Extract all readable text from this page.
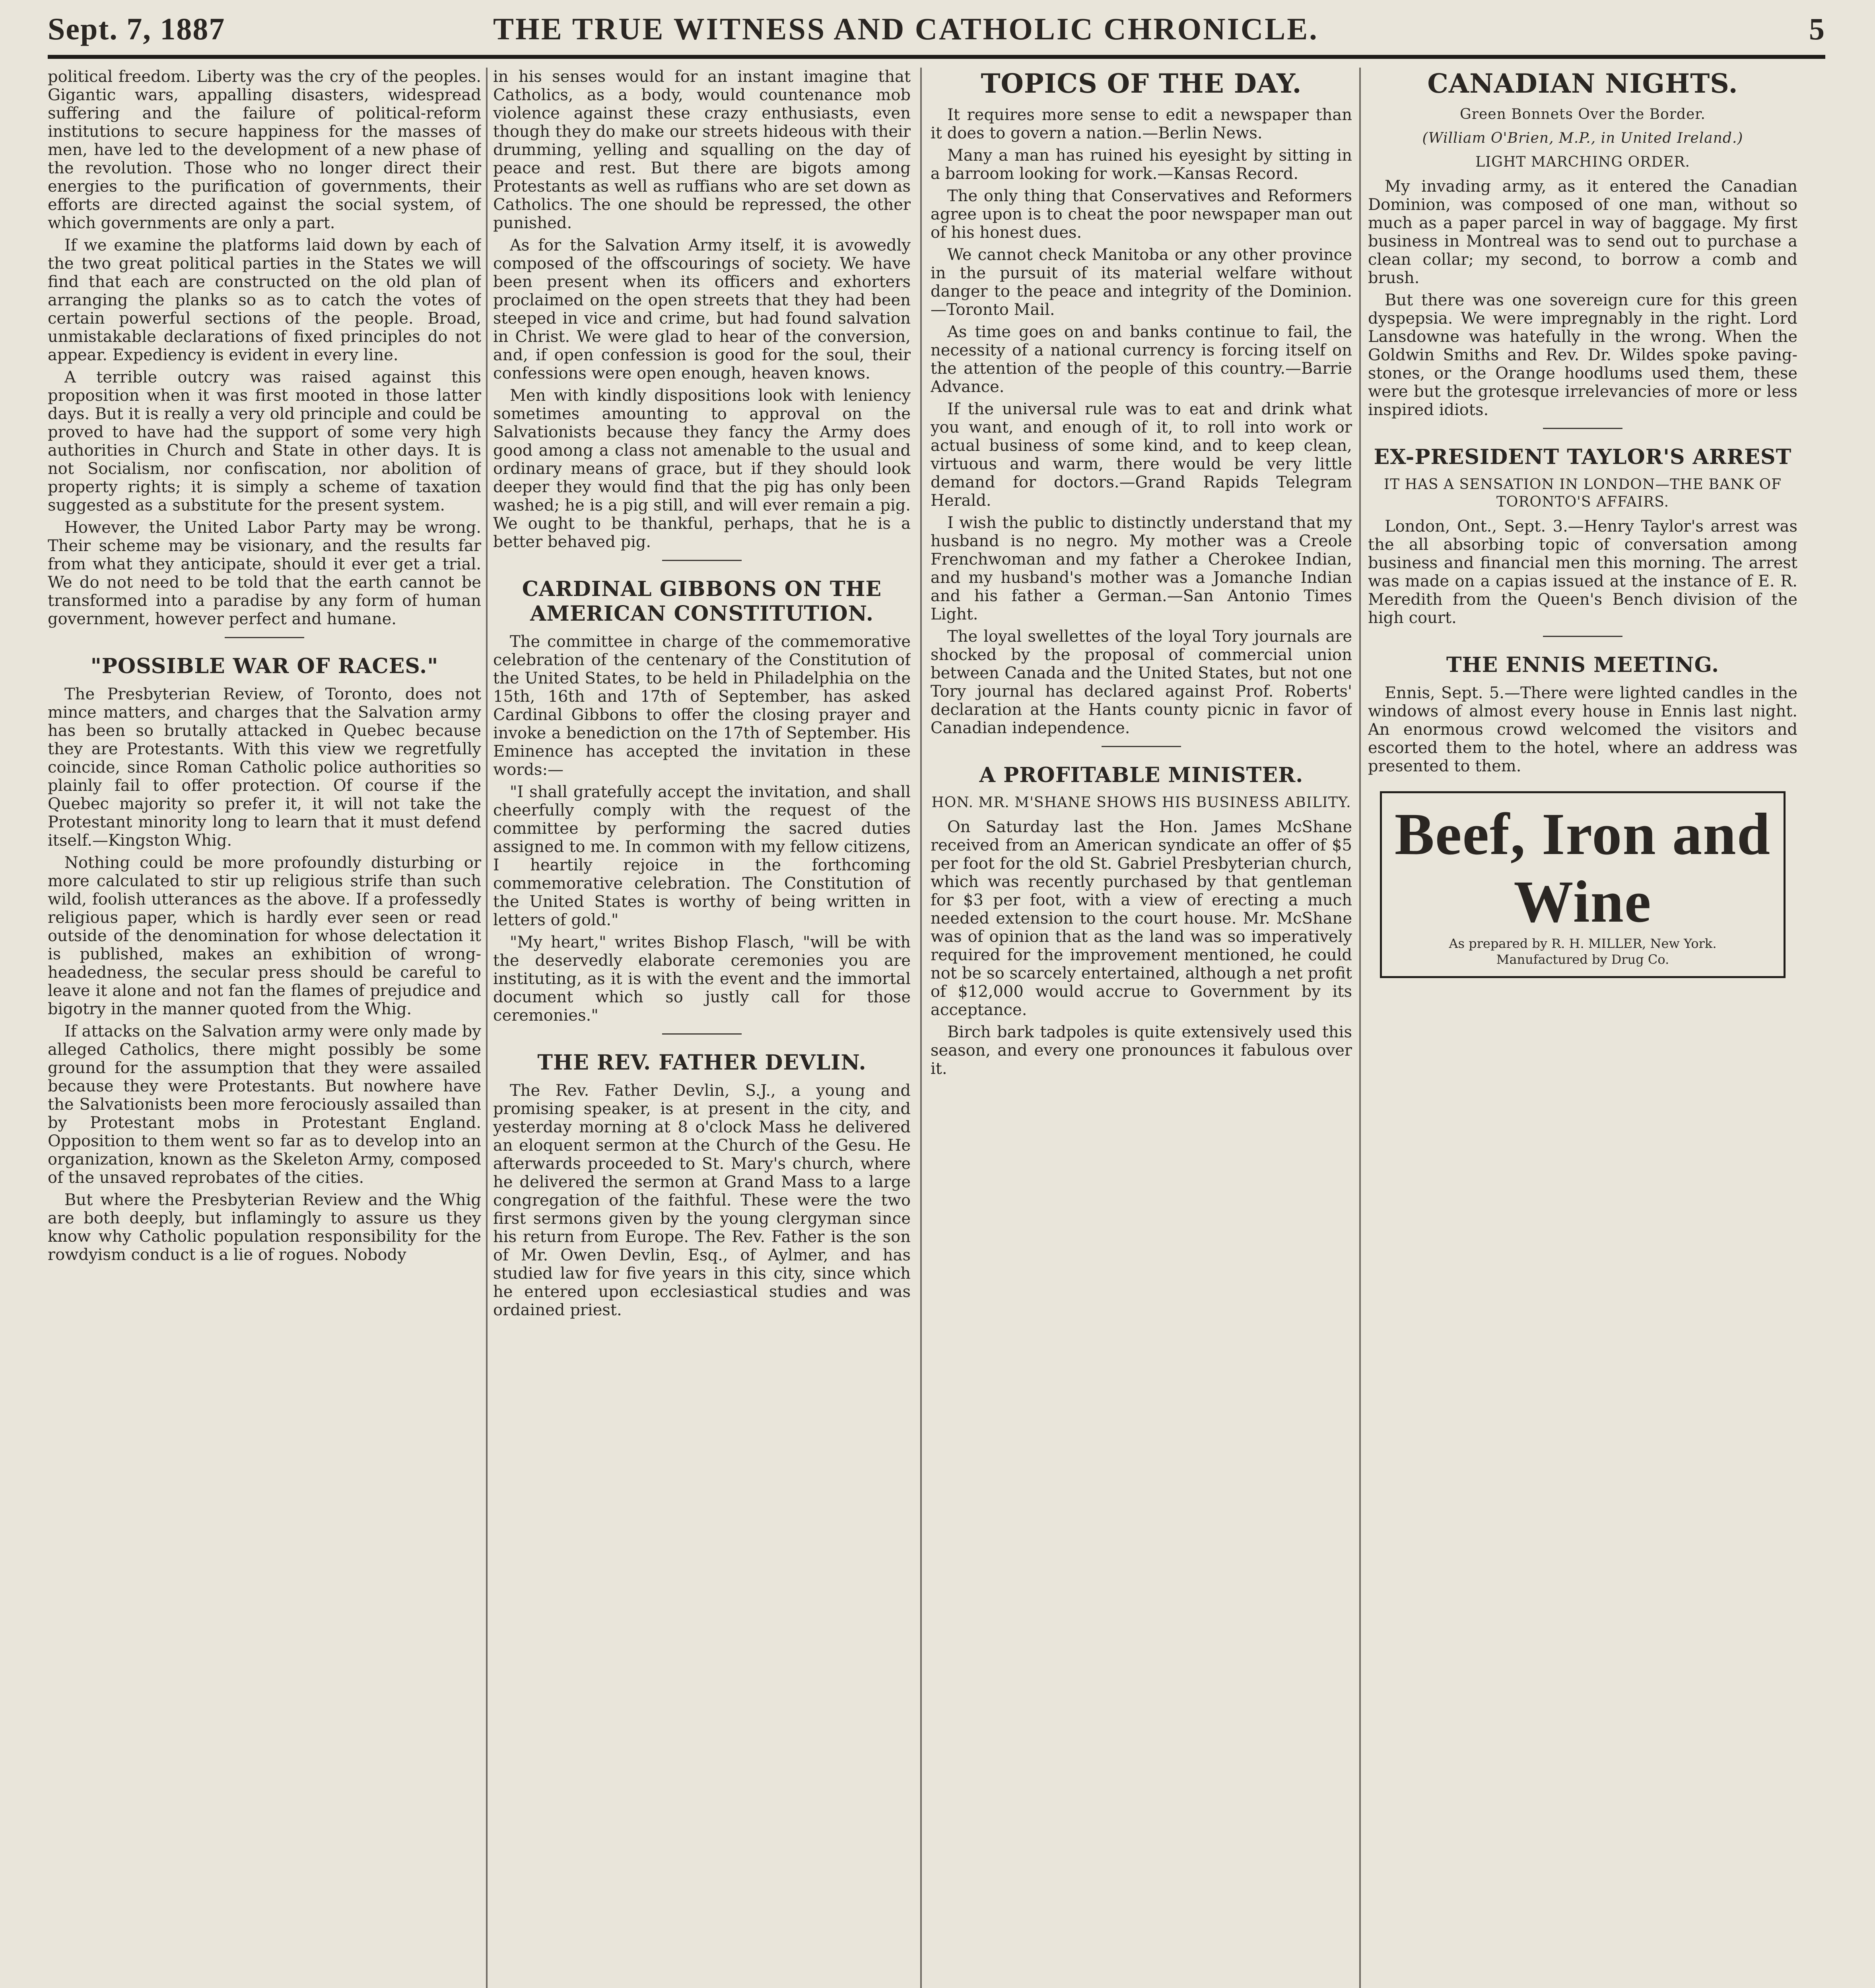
Sept. 7, 1887	THE TRUE WITNESS AND CATHOLIC CHRONICLE.	5

political freedom. Liberty was the cry of the peoples. Gigantic wars, appalling disasters, widespread suffering and the failure of political-reform institutions to secure happiness for the masses of men, have led to the development of a new phase of the revolution. Those who no longer direct their energies to the purification of governments, their efforts are directed against the social system, of which governments are only a part.

If we examine the platforms laid down by each of the two great political parties in the States we will find that each are constructed on the old plan of arranging the planks so as to catch the votes of certain powerful sections of the people. Broad, unmistakable declarations of fixed principles do not appear. Expediency is evident in every line.

A terrible outcry was raised against this proposition when it was first mooted in those latter days. But it is really a very old principle and could be proved to have had the support of some very high authorities in Church and State in other days. It is not Socialism, nor confiscation, nor abolition of property rights; it is simply a scheme of taxation suggested as a substitute for the present system.

However, the United Labor Party may be wrong. Their scheme may be visionary, and the results far from what they anticipate, should it ever get a trial. We do not need to be told that the earth cannot be transformed into a paradise by any form of human government, however perfect and humane.

"POSSIBLE WAR OF RACES."

The Presbyterian Review, of Toronto, does not mince matters, and charges that the Salvation army has been so brutally attacked in Quebec because they are Protestants. With this view we regretfully coincide, since Roman Catholic police authorities so plainly fail to offer protection. Of course if the Quebec majority so prefer it, it will not take the Protestant minority long to learn that it must defend itself.—Kingston Whig.

Nothing could be more profoundly disturbing or more calculated to stir up religious strife than such wild, foolish utterances as the above. If a professedly religious paper, which is hardly ever seen or read outside of the denomination for whose delectation it is published, makes an exhibition of wrong-headedness, the secular press should be careful to leave it alone and not fan the flames of prejudice and bigotry in the manner quoted from the Whig.

If attacks on the Salvation army were only made by alleged Catholics, there might possibly be some ground for the assumption that they were assailed because they were Protestants. But nowhere have the Salvationists been more ferociously assailed than by Protestant mobs in Protestant England. Opposition to them went so far as to develop into an organization, known as the Skeleton Army, composed of the unsaved reprobates of the cities.

But where the Presbyterian Review and the Whig are both deeply, but inflamingly to assure us they know why Catholic population responsibility for the rowdyism conduct is a lie of rogues. Nobody

in his senses would for an instant imagine that Catholics, as a body, would countenance mob violence against these crazy enthusiasts, even though they do make our streets hideous with their drumming, yelling and squalling on the day of peace and rest. But there are bigots among Protestants as well as ruffians who are set down as Catholics. The one should be repressed, the other punished.

As for the Salvation Army itself, it is avowedly composed of the offscourings of society. We have been present when its officers and exhorters proclaimed on the open streets that they had been steeped in vice and crime, but had found salvation in Christ. We were glad to hear of the conversion, and, if open confession is good for the soul, their confessions were open enough, heaven knows.

Men with kindly dispositions look with leniency sometimes amounting to approval on the Salvationists because they fancy the Army does good among a class not amenable to the usual and ordinary means of grace, but if they should look deeper they would find that the pig has only been washed; he is a pig still, and will ever remain a pig. We ought to be thankful, perhaps, that he is a better behaved pig.

CARDINAL GIBBONS ON THE AMERICAN CONSTITUTION.

The committee in charge of the commemorative celebration of the centenary of the Constitution of the United States, to be held in Philadelphia on the 15th, 16th and 17th of September, has asked Cardinal Gibbons to offer the closing prayer and invoke a benediction on the 17th of September. His Eminence has accepted the invitation in these words:—

"I shall gratefully accept the invitation, and shall cheerfully comply with the request of the committee by performing the sacred duties assigned to me. In common with my fellow citizens, I heartily rejoice in the forthcoming commemorative celebration. The Constitution of the United States is worthy of being written in letters of gold."

"My heart," writes Bishop Flasch, "will be with the deservedly elaborate ceremonies you are instituting, as it is with the event and the immortal document which so justly call for those ceremonies."

THE REV. FATHER DEVLIN.

The Rev. Father Devlin, S.J., a young and promising speaker, is at present in the city, and yesterday morning at 8 o'clock Mass he delivered an eloquent sermon at the Church of the Gesu. He afterwards proceeded to St. Mary's church, where he delivered the sermon at Grand Mass to a large congregation of the faithful. These were the two first sermons given by the young clergyman since his return from Europe. The Rev. Father is the son of Mr. Owen Devlin, Esq., of Aylmer, and has studied law for five years in this city, since which he entered upon ecclesiastical studies and was ordained priest.

TOPICS OF THE DAY.

It requires more sense to edit a newspaper than it does to govern a nation.—Berlin News.

Many a man has ruined his eyesight by sitting in a barroom looking for work.—Kansas Record.

The only thing that Conservatives and Reformers agree upon is to cheat the poor newspaper man out of his honest dues.

We cannot check Manitoba or any other province in the pursuit of its material welfare without danger to the peace and integrity of the Dominion.—Toronto Mail.

As time goes on and banks continue to fail, the necessity of a national currency is forcing itself on the attention of the people of this country.—Barrie Advance.

If the universal rule was to eat and drink what you want, and enough of it, to roll into work or actual business of some kind, and to keep clean, virtuous and warm, there would be very little demand for doctors.—Grand Rapids Telegram Herald.

I wish the public to distinctly understand that my husband is no negro. My mother was a Creole Frenchwoman and my father a Cherokee Indian, and my husband's mother was a Jomanche Indian and his father a German.—San Antonio Times Light.

The loyal swellettes of the loyal Tory journals are shocked by the proposal of commercial union between Canada and the United States, but not one Tory journal has declared against Prof. Roberts' declaration at the Hants county picnic in favor of Canadian independence.

A PROFITABLE MINISTER.
HON. MR. M'SHANE SHOWS HIS BUSINESS ABILITY.

On Saturday last the Hon. James McShane received from an American syndicate an offer of $5 per foot for the old St. Gabriel Presbyterian church, which was recently purchased by that gentleman for $3 per foot, with a view of erecting a much needed extension to the court house. Mr. McShane was of opinion that as the land was so imperatively required for the improvement mentioned, he could not be so scarcely entertained, although a net profit of $12,000 would accrue to Government by its acceptance.

Birch bark tadpoles is quite extensively used this season, and every one pronounces it fabulous over it.

CANADIAN NIGHTS.
Green Bonnets Over the Border.
(William O'Brien, M.P., in United Ireland.)
LIGHT MARCHING ORDER.

My invading army, as it entered the Canadian Dominion, was composed of one man, without so much as a paper parcel in way of baggage. My first business in Montreal was to send out to purchase a clean collar; my second, to borrow a comb and brush.

But there was one sovereign cure for this green dyspepsia. We were impregnably in the right. Lord Lansdowne was hatefully in the wrong. When the Goldwin Smiths and Rev. Dr. Wildes spoke paving-stones, or the Orange hoodlums used them, these were but the grotesque irrelevancies of more or less inspired idiots.

EX-PRESIDENT TAYLOR'S ARREST
IT HAS A SENSATION IN LONDON—THE BANK OF TORONTO'S AFFAIRS.

London, Ont., Sept. 3.—Henry Taylor's arrest was the all absorbing topic of conversation among business and financial men this morning. The arrest was made on a capias issued at the instance of E. R. Meredith from the Queen's Bench division of the high court.

THE ENNIS MEETING.

Ennis, Sept. 5.—There were lighted candles in the windows of almost every house in Ennis last night. An enormous crowd welcomed the visitors and escorted them to the hotel, where an address was presented to them.

Beef, Iron and Wine
As prepared by R. H. MILLER, New York.
Manufactured by Drug Co.
